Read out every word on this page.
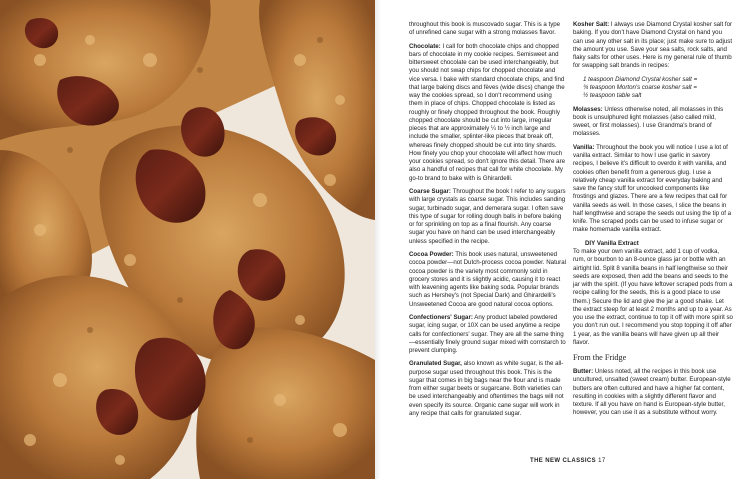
throughout this book is muscovado sugar. This is a type of unrefined cane sugar with a strong molasses flavor.

Chocolate: I call for both chocolate chips and chopped bars of chocolate in my cookie recipes. Semisweet and bittersweet chocolate can be used interchangeably, but you should not swap chips for chopped chocolate and vice versa. I bake with standard chocolate chips, and find that large baking discs and fèves (wide discs) change the way the cookies spread, so I don't recommend using them in place of chips. Chopped chocolate is listed as roughly or finely chopped throughout the book. Roughly chopped chocolate should be cut into large, irregular pieces that are approximately ¼ to ½ inch large and include the smaller, splinter-like pieces that break off, whereas finely chopped should be cut into tiny shards. How finely you chop your chocolate will affect how much your cookies spread, so don't ignore this detail. There are also a handful of recipes that call for white chocolate. My go-to brand to bake with is Ghirardelli.

Coarse Sugar: Throughout the book I refer to any sugars with large crystals as coarse sugar. This includes sanding sugar, turbinado sugar, and demerara sugar. I often save this type of sugar for rolling dough balls in before baking or for sprinkling on top as a final flourish. Any coarse sugar you have on hand can be used interchangeably unless specified in the recipe.

Cocoa Powder: This book uses natural, unsweetened cocoa powder—not Dutch-process cocoa powder. Natural cocoa powder is the variety most commonly sold in grocery stores and it is slightly acidic, causing it to react with leavening agents like baking soda. Popular brands such as Hershey's (not Special Dark) and Ghirardelli's Unsweetened Cocoa are good natural cocoa options.

Confectioners' Sugar: Any product labeled powdered sugar, icing sugar, or 10X can be used anytime a recipe calls for confectioners' sugar. They are all the same thing—essentially finely ground sugar mixed with cornstarch to prevent clumping.

Granulated Sugar, also known as white sugar, is the all-purpose sugar used throughout this book. This is the sugar that comes in big bags near the flour and is made from either sugar beets or sugarcane. Both varieties can be used interchangeably and oftentimes the bags will not even specify its source. Organic cane sugar will work in any recipe that calls for granulated sugar.

Kosher Salt: I always use Diamond Crystal kosher salt for baking. If you don't have Diamond Crystal on hand you can use any other salt in its place; just make sure to adjust the amount you use. Save your sea salts, rock salts, and flaky salts for other uses. Here is my general rule of thumb for swapping salt brands in recipes:

1 teaspoon Diamond Crystal kosher salt =
¾ teaspoon Morton's coarse kosher salt =
½ teaspoon table salt

Molasses: Unless otherwise noted, all molasses in this book is unsulphured light molasses (also called mild, sweet, or first molasses). I use Grandma's brand of molasses.

Vanilla: Throughout the book you will notice I use a lot of vanilla extract. Similar to how I use garlic in savory recipes, I believe it's difficult to overdo it with vanilla, and cookies often benefit from a generous glug. I use a relatively cheap vanilla extract for everyday baking and save the fancy stuff for uncooked components like frostings and glazes. There are a few recipes that call for vanilla seeds as well. In those cases, I slice the beans in half lengthwise and scrape the seeds out using the tip of a knife. The scraped pods can be used to infuse sugar or make homemade vanilla extract.

DIY Vanilla Extract

To make your own vanilla extract, add 1 cup of vodka, rum, or bourbon to an 8-ounce glass jar or bottle with an airtight lid. Split 8 vanilla beans in half lengthwise so their seeds are exposed, then add the beans and seeds to the jar with the spirit. (If you have leftover scraped pods from a recipe calling for the seeds, this is a good place to use them.) Secure the lid and give the jar a good shake. Let the extract steep for at least 2 months and up to a year. As you use the extract, continue to top it off with more spirit so you don't run out. I recommend you stop topping it off after 1 year, as the vanilla beans will have given up all their flavor.

From the Fridge

Butter: Unless noted, all the recipes in this book use uncultured, unsalted (sweet cream) butter. European-style butters are often cultured and have a higher fat content, resulting in cookies with a slightly different flavor and texture. If all you have on hand is European-style butter, however, you can use it as a substitute without worry.

THE NEW CLASSICS 17
